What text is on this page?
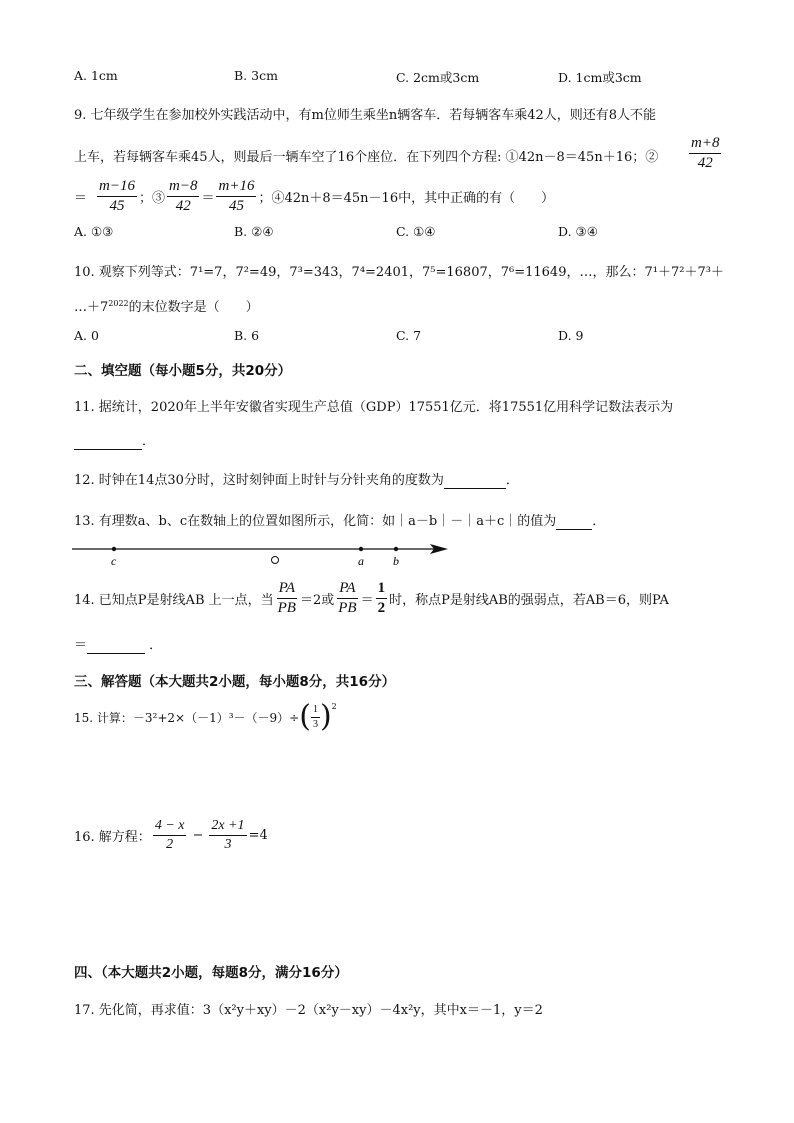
A. 1cm	B. 3cm	C. 2cm或3cm	D. 1cm或3cm
9. 七年级学生在参加校外实践活动中，有m位师生乘坐n辆客车．若每辆客车乘42人，则还有8人不能
上车，若每辆客车乘45人，则最后一辆车空了16个座位．在下列四个方程: ①42n－8＝45n＋16；② $\frac{m+8}{42}$
＝ $\frac{m-16}{45}$ ；③ $\frac{m-8}{42} = \frac{m+16}{45}$ ；④42n＋8＝45n－16中，其中正确的有（　　）
A. ①③	B. ②④	C. ①④	D. ③④
10. 观察下列等式：7¹=7，7²=49，7³=343，7⁴=2401，7⁵=16807，7⁶=11649，…，那么：7¹＋7²＋7³＋
$\dots+7^{2022}$的末位数字是（　　）
A. 0	B. 6	C. 7	D. 9
二、填空题（每小题5分，共20分）
11. 据统计，2020年上半年安徽省实现生产总值（GDP）17551亿元．将17551亿用科学记数法表示为
．
12. 时钟在14点30分时，这时刻钟面上时针与分针夹角的度数为	．
13. 有理数a、b、c在数轴上的位置如图所示，化简：如｜a－b｜－｜a＋c｜的值为	．
c	a b
14. 已知点P是射线AB 上一点，当 $\frac{PA}{PB} =2$或 $\frac{PA}{PB} = \frac{1}{2}$ 时，称点P是射线AB的强弱点，若AB＝6，则PA
＝	．
三、解答题（本大题共2小题，每小题8分，共16分）
15. 计算：－3²+2×（－1）³－（－9）÷ ( $\frac{1}{3} )^2$
16. 解方程： $\frac{4 - x}{2} - \frac{2x +1}{3} =4$
四、（本大题共2小题，每题8分，满分16分）
17. 先化简，再求值：3（x²y＋xy）－2（x²y－xy）－4x²y，其中x＝－1，y＝2
